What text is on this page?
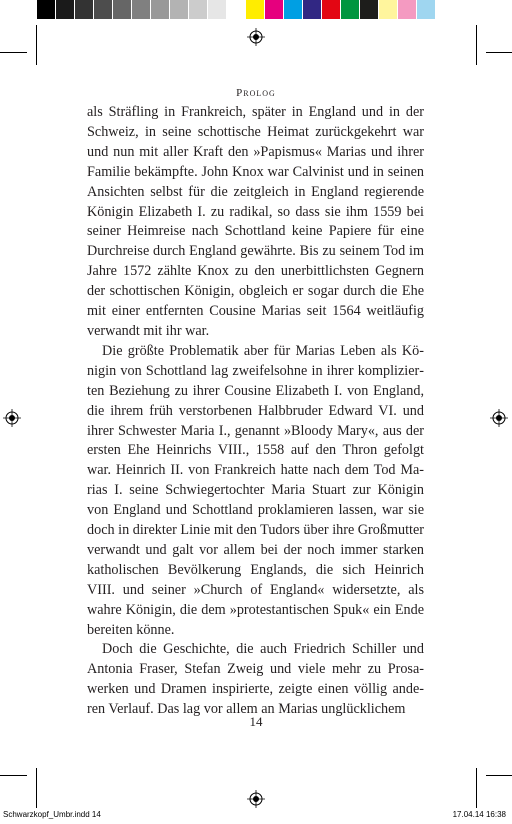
Prolog

als Sträfling in Frankreich, später in England und in der Schweiz, in seine schottische Heimat zurückgekehrt war und nun mit aller Kraft den »Papismus« Marias und ihrer Familie bekämpfte. John Knox war Calvinist und in seinen Ansichten selbst für die zeitgleich in England regierende Königin Elizabeth I. zu radikal, so dass sie ihm 1559 bei seiner Heimreise nach Schottland keine Papiere für eine Durchreise durch England gewährte. Bis zu seinem Tod im Jahre 1572 zählte Knox zu den unerbittlichsten Gegnern der schottischen Königin, obgleich er sogar durch die Ehe mit einer entfernten Cousine Marias seit 1564 weitläufig verwandt mit ihr war.

Die größte Problematik aber für Marias Leben als Königin von Schottland lag zweifelsohne in ihrer komplizierten Beziehung zu ihrer Cousine Elizabeth I. von England, die ihrem früh verstorbenen Halbbruder Edward VI. und ihrer Schwester Maria I., genannt »Bloody Mary«, aus der ersten Ehe Heinrichs VIII., 1558 auf den Thron gefolgt war. Heinrich II. von Frankreich hatte nach dem Tod Marias I. seine Schwiegertochter Maria Stuart zur Königin von England und Schottland proklamieren lassen, war sie doch in direkter Linie mit den Tudors über ihre Großmutter verwandt und galt vor allem bei der noch immer starken katholischen Bevölkerung Englands, die sich Heinrich VIII. und seiner »Church of England« widersetzte, als wahre Königin, die dem »protestantischen Spuk« ein Ende bereiten könne.

Doch die Geschichte, die auch Friedrich Schiller und Antonia Fraser, Stefan Zweig und viele mehr zu Prosawerken und Dramen inspirierte, zeigte einen völlig anderen Verlauf. Das lag vor allem an Marias unglücklichem

14
Schwarzkopf_Umbr.indd 14	17.04.14 16:38
